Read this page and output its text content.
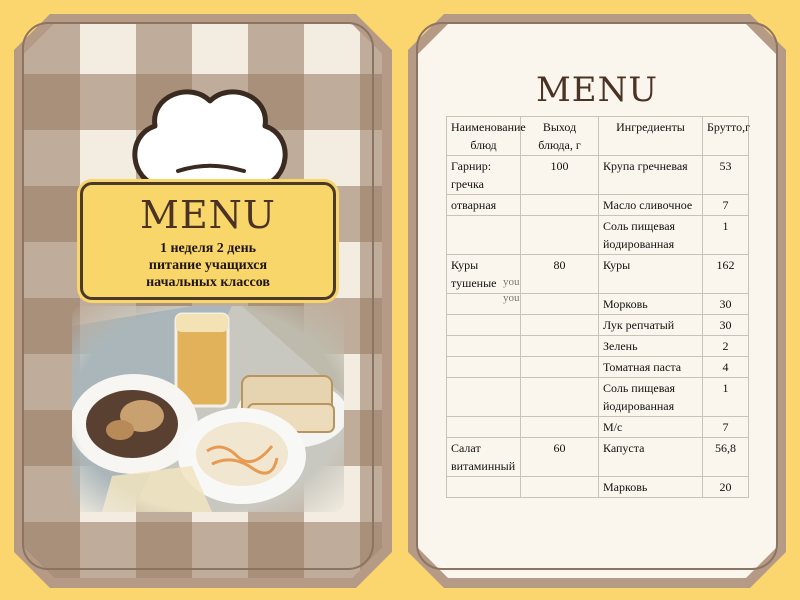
MENU
1 неделя 2 день
питание учащихся
начальных классов
MENU
Наименование блюд	Выход блюда, г	Ингредиенты	Брутто,г
Гарнир: гречка	100	Крупа гречневая	53
отварная		Масло сливочное	7
		Соль пищевая йодированная	1
Куры тушеные	80	Куры	162
		Морковь	30
		Лук репчатый	30
		Зелень	2
		Томатная паста	4
		Соль пищевая йодированная	1
		М/с	7
Салат витаминный	60	Капуста	56,8
		Марковь	20
you
you
